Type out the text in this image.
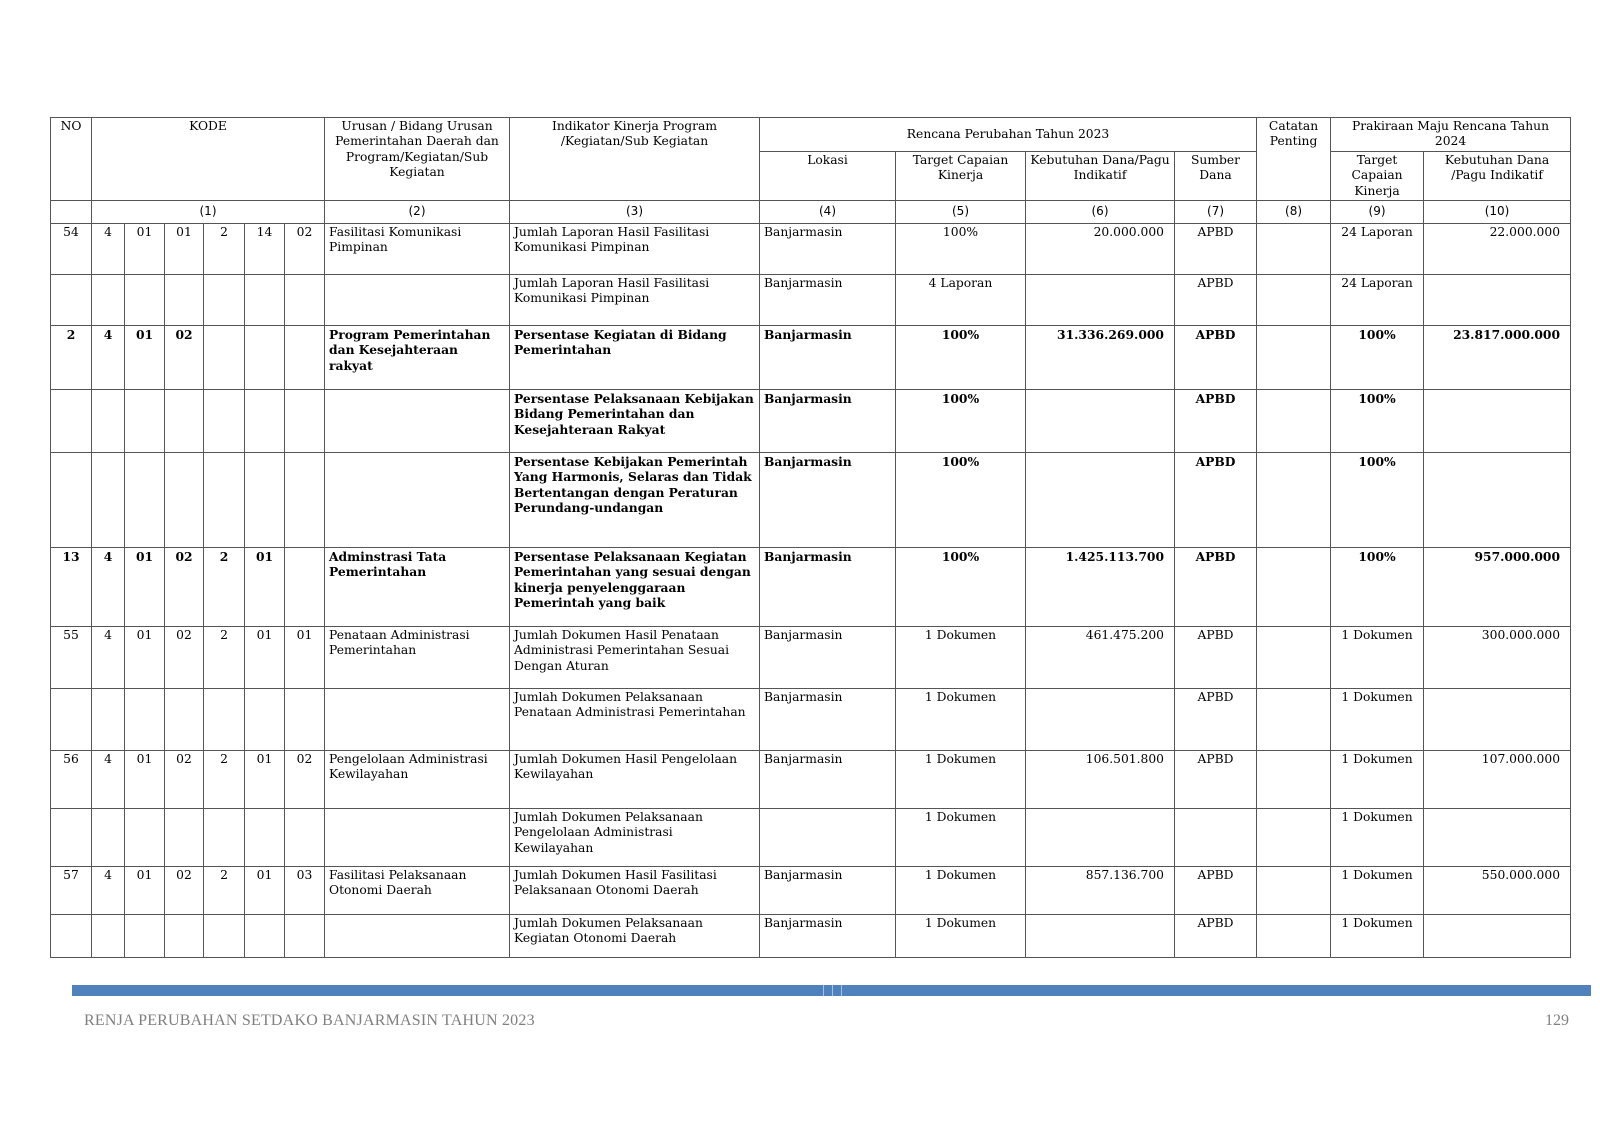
NO	KODE						Urusan / Bidang Urusan Pemerintahan Daerah dan Program/Kegiatan/Sub Kegiatan	Indikator Kinerja Program /Kegiatan/Sub Kegiatan	Rencana Perubahan Tahun 2023				Catatan Penting	Prakiraan Maju Rencana Tahun 2024	
									Lokasi	Target Capaian Kinerja	Kebutuhan Dana/Pagu Indikatif	Sumber Dana		Target Capaian Kinerja	Kebutuhan Dana /Pagu Indikatif
	(1)						(2)	(3)	(4)	(5)	(6)	(7)	(8)	(9)	(10)
54	4	01	01	2	14	02	Fasilitasi Komunikasi Pimpinan	Jumlah Laporan Hasil Fasilitasi Komunikasi Pimpinan	Banjarmasin	100%	20.000.000	APBD		24 Laporan	22.000.000
								Jumlah Laporan Hasil Fasilitasi Komunikasi Pimpinan	Banjarmasin	4 Laporan		APBD		24 Laporan	
2	4	01	02				Program Pemerintahan dan Kesejahteraan rakyat	Persentase Kegiatan di Bidang Pemerintahan	Banjarmasin	100%	31.336.269.000	APBD		100%	23.817.000.000
								Persentase Pelaksanaan Kebijakan Bidang Pemerintahan dan Kesejahteraan Rakyat	Banjarmasin	100%		APBD		100%	
								Persentase Kebijakan Pemerintah Yang Harmonis, Selaras dan Tidak Bertentangan dengan Peraturan Perundang-undangan	Banjarmasin	100%		APBD		100%	
13	4	01	02	2	01		Adminstrasi Tata Pemerintahan	Persentase Pelaksanaan Kegiatan Pemerintahan yang sesuai dengan kinerja penyelenggaraan Pemerintah yang baik	Banjarmasin	100%	1.425.113.700	APBD		100%	957.000.000
55	4	01	02	2	01	01	Penataan Administrasi Pemerintahan	Jumlah Dokumen Hasil Penataan Administrasi Pemerintahan Sesuai Dengan Aturan	Banjarmasin	1 Dokumen	461.475.200	APBD		1 Dokumen	300.000.000
								Jumlah Dokumen Pelaksanaan Penataan Administrasi Pemerintahan	Banjarmasin	1 Dokumen		APBD		1 Dokumen	
56	4	01	02	2	01	02	Pengelolaan Administrasi Kewilayahan	Jumlah Dokumen Hasil Pengelolaan Kewilayahan	Banjarmasin	1 Dokumen	106.501.800	APBD		1 Dokumen	107.000.000
								Jumlah Dokumen Pelaksanaan Pengelolaan Administrasi Kewilayahan		1 Dokumen				1 Dokumen	
57	4	01	02	2	01	03	Fasilitasi Pelaksanaan Otonomi Daerah	Jumlah Dokumen Hasil Fasilitasi Pelaksanaan Otonomi Daerah	Banjarmasin	1 Dokumen	857.136.700	APBD		1 Dokumen	550.000.000
								Jumlah Dokumen Pelaksanaan Kegiatan Otonomi Daerah	Banjarmasin	1 Dokumen		APBD		1 Dokumen	
RENJA PERUBAHAN SETDAKO BANJARMASIN TAHUN 2023	129
